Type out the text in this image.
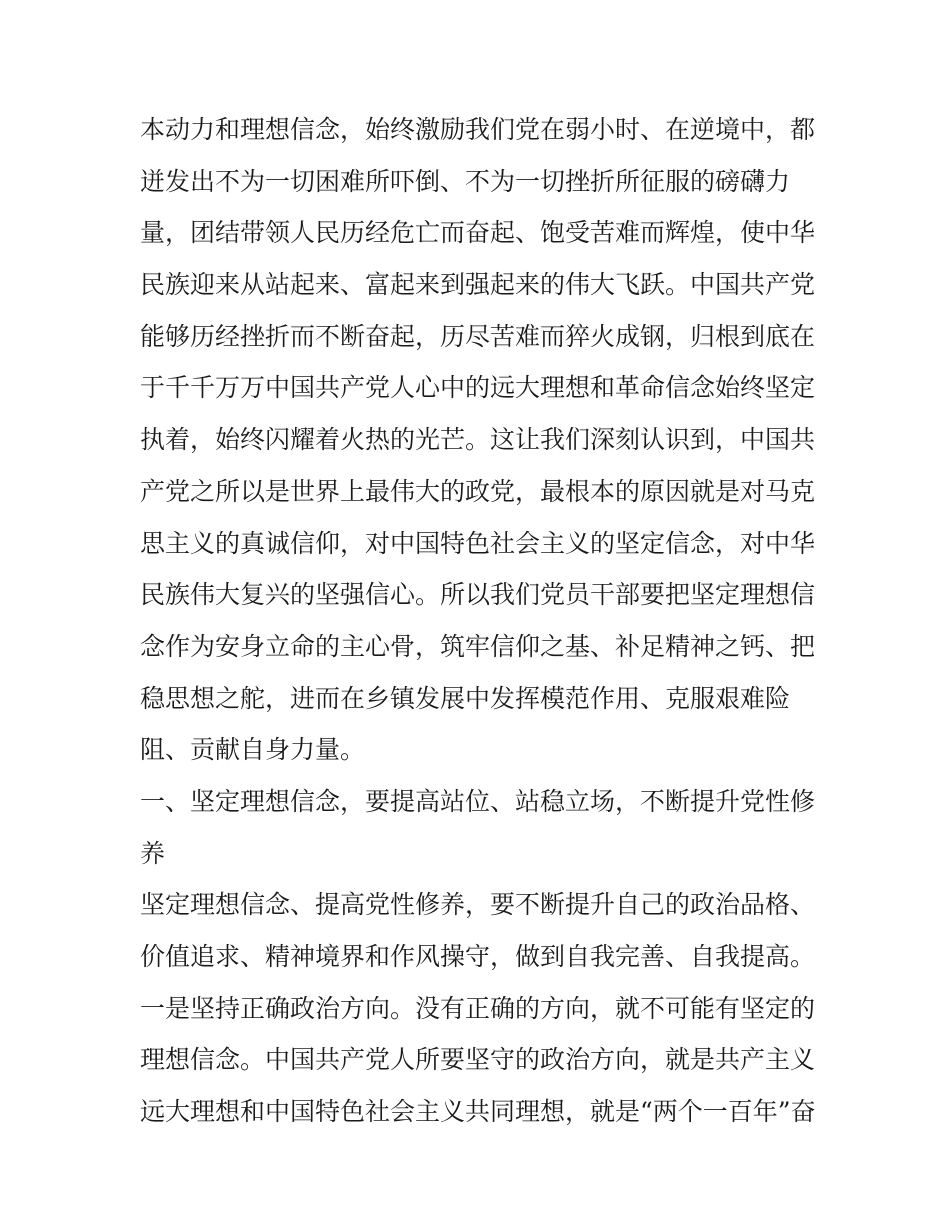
本动力和理想信念，始终激励我们党在弱小时、在逆境中，都
迸发出不为一切困难所吓倒、不为一切挫折所征服的磅礴力
量，团结带领人民历经危亡而奋起、饱受苦难而辉煌，使中华
民族迎来从站起来、富起来到强起来的伟大飞跃。中国共产党
能够历经挫折而不断奋起，历尽苦难而猝火成钢，归根到底在
于千千万万中国共产党人心中的远大理想和革命信念始终坚定
执着，始终闪耀着火热的光芒。这让我们深刻认识到，中国共
产党之所以是世界上最伟大的政党，最根本的原因就是对马克
思主义的真诚信仰，对中国特色社会主义的坚定信念，对中华
民族伟大复兴的坚强信心。所以我们党员干部要把坚定理想信
念作为安身立命的主心骨，筑牢信仰之基、补足精神之钙、把
稳思想之舵，进而在乡镇发展中发挥模范作用、克服艰难险
阻、贡献自身力量。
一、坚定理想信念，要提高站位、站稳立场，不断提升党性修
养
坚定理想信念、提高党性修养，要不断提升自己的政治品格、
价值追求、精神境界和作风操守，做到自我完善、自我提高。
一是坚持正确政治方向。没有正确的方向，就不可能有坚定的
理想信念。中国共产党人所要坚守的政治方向，就是共产主义
远大理想和中国特色社会主义共同理想，就是“两个一百年”奋
